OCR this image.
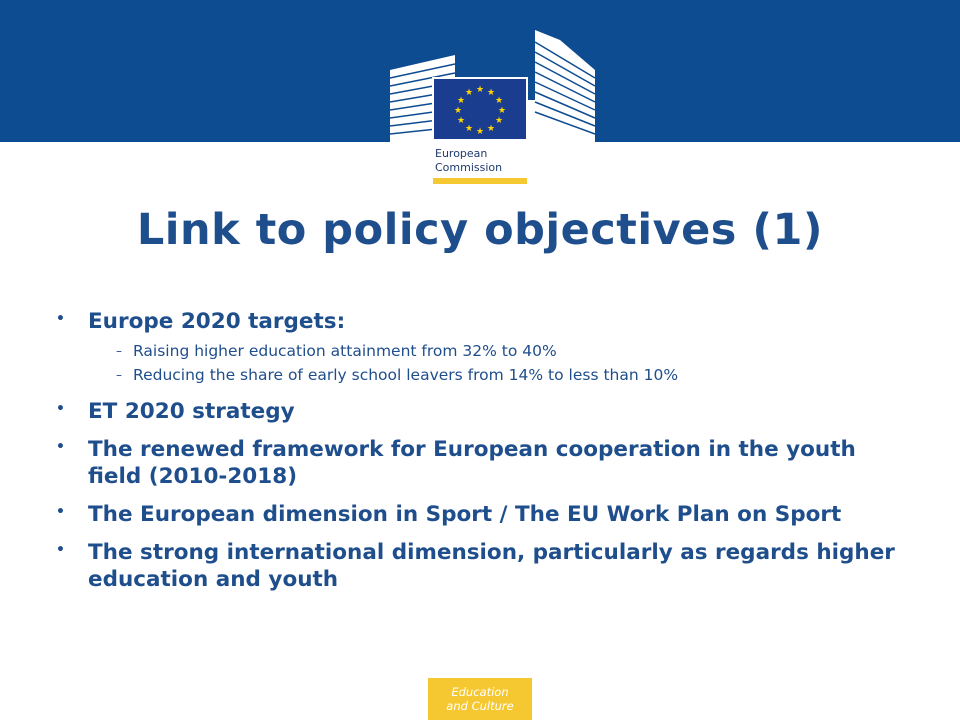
★ ★
★
★
★
★
★
★
★
★
★
★
European
Commission
Link to policy objectives (1)
• Europe 2020 targets:
– Raising higher education attainment from 32% to 40%
– Reducing the share of early school leavers from 14% to less than 10%
• ET 2020 strategy
• The renewed framework for European cooperation in the youth field (2010-2018)
• The European dimension in Sport / The EU Work Plan on Sport
• The strong international dimension, particularly as regards higher education and youth
Education
and Culture
